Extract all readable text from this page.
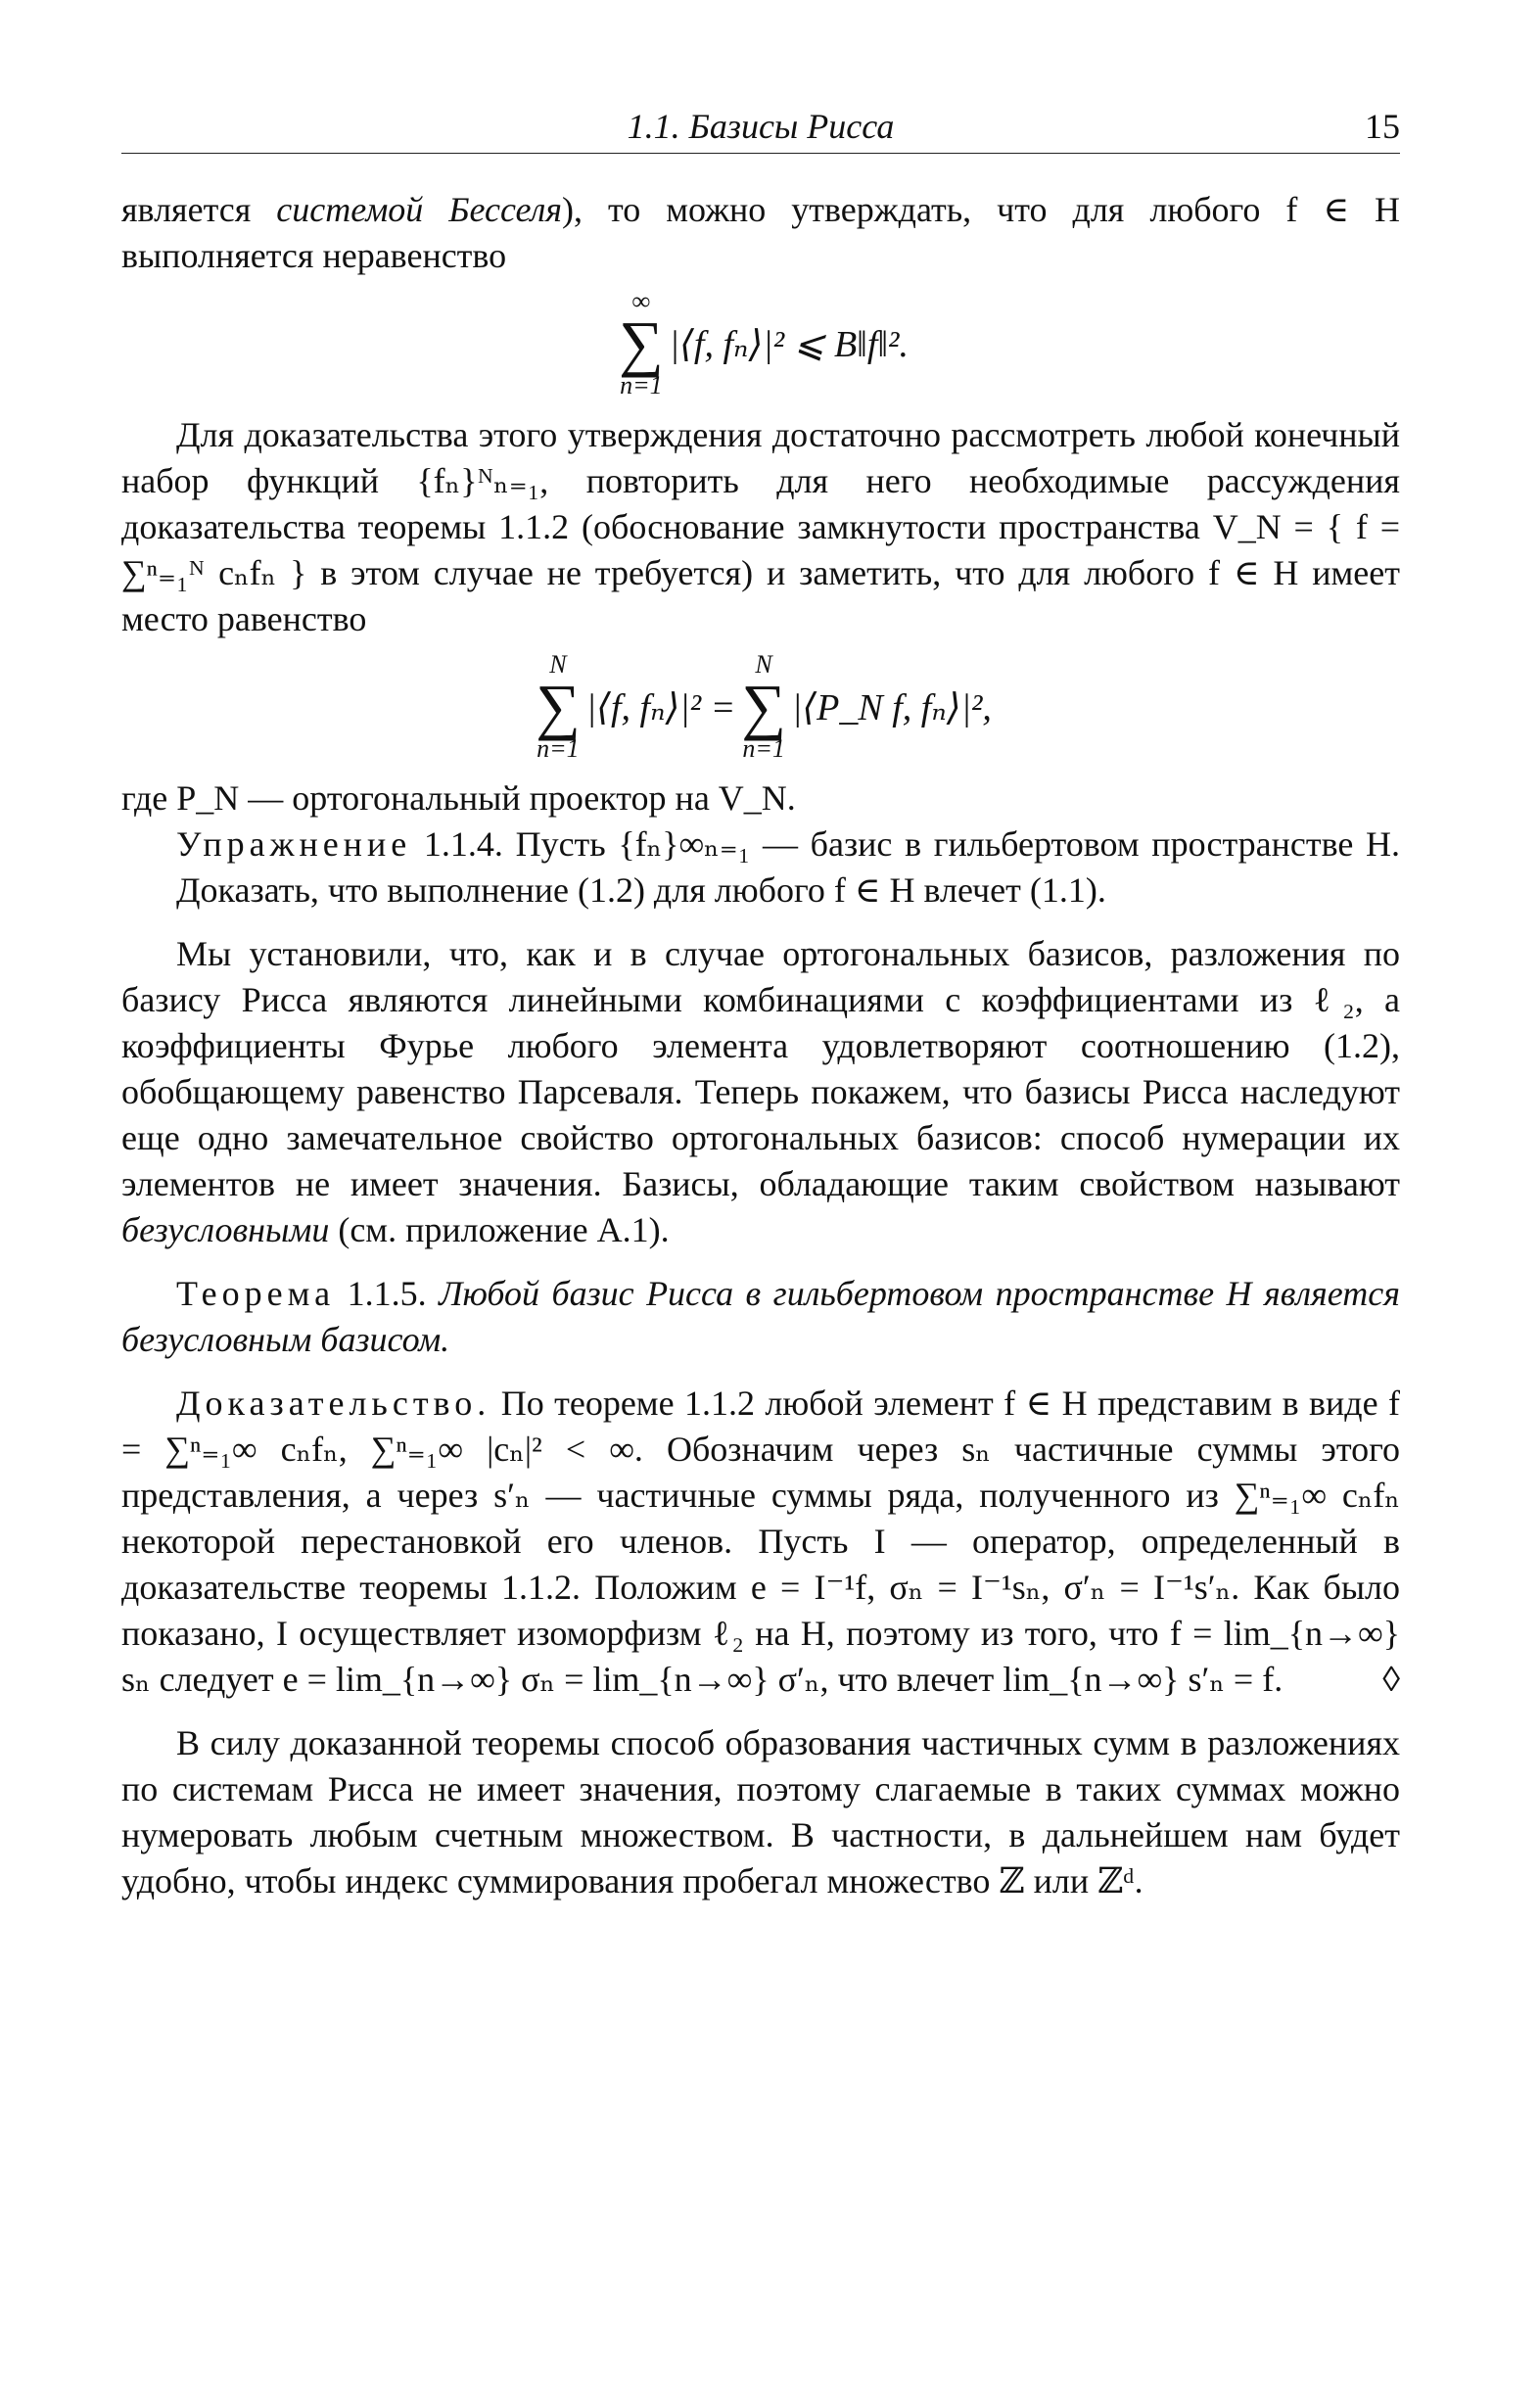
1.1. Базисы Рисса	15

является системой Бесселя), то можно утверждать, что для любого f ∈ H выполняется неравенство

∞
∑
n=1
|⟨f, fₙ⟩|² ⩽ B‖f‖².

Для доказательства этого утверждения достаточно рассмотреть любой конечный набор функций {fₙ}ᴺₙ₌₁, повторить для него необходимые рассуждения доказательства теоремы 1.1.2 (обоснование замкнутости пространства V_N = { f = ∑ⁿ₌₁ᴺ cₙfₙ } в этом случае не требуется) и заметить, что для любого f ∈ H имеет место равенство

N
∑
n=1
|⟨f, fₙ⟩|² =
N
∑
n=1
|⟨P_N f, fₙ⟩|²,

где P_N — ортогональный проектор на V_N.

Упражнение 1.1.4. Пусть {fₙ}∞ₙ₌₁ — базис в гильбертовом пространстве H. Доказать, что выполнение (1.2) для любого f ∈ H влечет (1.1).

Мы установили, что, как и в случае ортогональных базисов, разложения по базису Рисса являются линейными комбинациями с коэффициентами из ℓ₂, а коэффициенты Фурье любого элемента удовлетворяют соотношению (1.2), обобщающему равенство Парсеваля. Теперь покажем, что базисы Рисса наследуют еще одно замечательное свойство ортогональных базисов: способ нумерации их элементов не имеет значения. Базисы, обладающие таким свойством называют безусловными (см. приложение А.1).

Теорема 1.1.5. Любой базис Рисса в гильбертовом пространстве H является безусловным базисом.

Доказательство. По теореме 1.1.2 любой элемент f ∈ H представим в виде f = ∑ⁿ₌₁∞ cₙfₙ, ∑ⁿ₌₁∞ |cₙ|² < ∞. Обозначим через sₙ частичные суммы этого представления, а через s′ₙ — частичные суммы ряда, полученного из ∑ⁿ₌₁∞ cₙfₙ некоторой перестановкой его членов. Пусть I — оператор, определенный в доказательстве теоремы 1.1.2. Положим e = I⁻¹f, σₙ = I⁻¹sₙ, σ′ₙ = I⁻¹s′ₙ. Как было показано, I осуществляет изоморфизм ℓ₂ на H, поэтому из того, что f = lim_{n→∞} sₙ следует e = lim_{n→∞} σₙ = lim_{n→∞} σ′ₙ, что влечет lim_{n→∞} s′ₙ = f.	◊

В силу доказанной теоремы способ образования частичных сумм в разложениях по системам Рисса не имеет значения, поэтому слагаемые в таких суммах можно нумеровать любым счетным множеством. В частности, в дальнейшем нам будет удобно, чтобы индекс суммирования пробегал множество ℤ или ℤᵈ.
